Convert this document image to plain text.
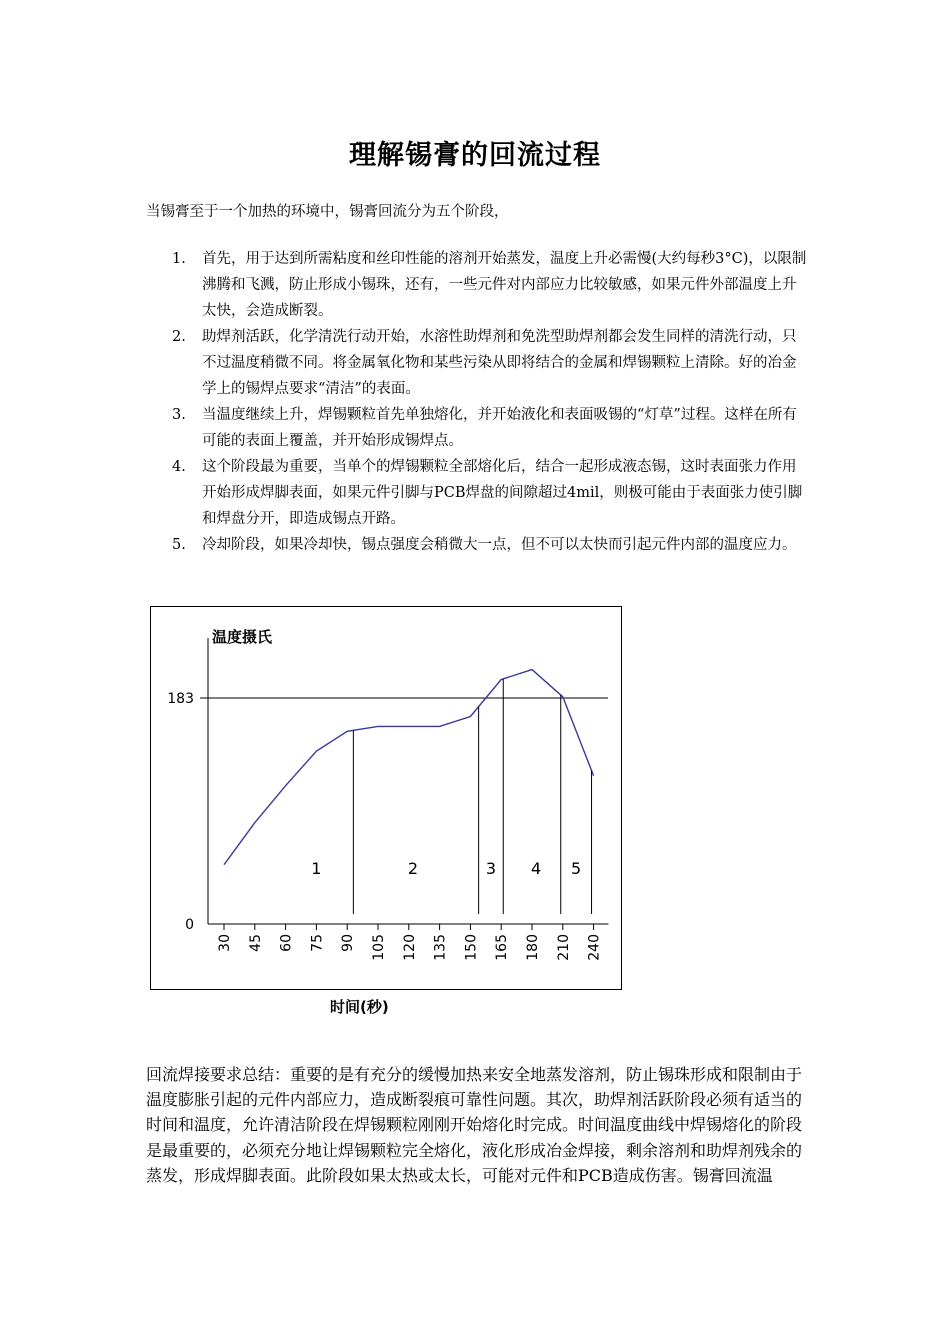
理解锡膏的回流过程
当锡膏至于一个加热的环境中，锡膏回流分为五个阶段，
1. 首先，用于达到所需粘度和丝印性能的溶剂开始蒸发，温度上升必需慢(大约每秒3°C)，以限制沸腾和飞溅，防止形成小锡珠，还有，一些元件对内部应力比较敏感，如果元件外部温度上升太快，会造成断裂。
2. 助焊剂活跃，化学清洗行动开始，水溶性助焊剂和免洗型助焊剂都会发生同样的清洗行动，只不过温度稍微不同。将金属氧化物和某些污染从即将结合的金属和焊锡颗粒上清除。好的冶金学上的锡焊点要求“清洁”的表面。
3. 当温度继续上升，焊锡颗粒首先单独熔化，并开始液化和表面吸锡的“灯草”过程。这样在所有可能的表面上覆盖，并开始形成锡焊点。
4. 这个阶段最为重要，当单个的焊锡颗粒全部熔化后，结合一起形成液态锡，这时表面张力作用开始形成焊脚表面，如果元件引脚与PCB焊盘的间隙超过4mil，则极可能由于表面张力使引脚和焊盘分开，即造成锡点开路。
5. 冷却阶段，如果冷却快，锡点强度会稍微大一点，但不可以太快而引起元件内部的温度应力。
温度摄氏
0
183
30 45 60 75 90 105 120 135 150 165 180 210 240
1	2	3 4 5
时间(秒)
回流焊接要求总结：重要的是有充分的缓慢加热来安全地蒸发溶剂，防止锡珠形成和限制由于温度膨胀引起的元件内部应力，造成断裂痕可靠性问题。其次，助焊剂活跃阶段必须有适当的时间和温度，允许清洁阶段在焊锡颗粒刚刚开始熔化时完成。时间温度曲线中焊锡熔化的阶段是最重要的，必须充分地让焊锡颗粒完全熔化，液化形成冶金焊接，剩余溶剂和助焊剂残余的蒸发，形成焊脚表面。此阶段如果太热或太长，可能对元件和PCB造成伤害。锡膏回流温
